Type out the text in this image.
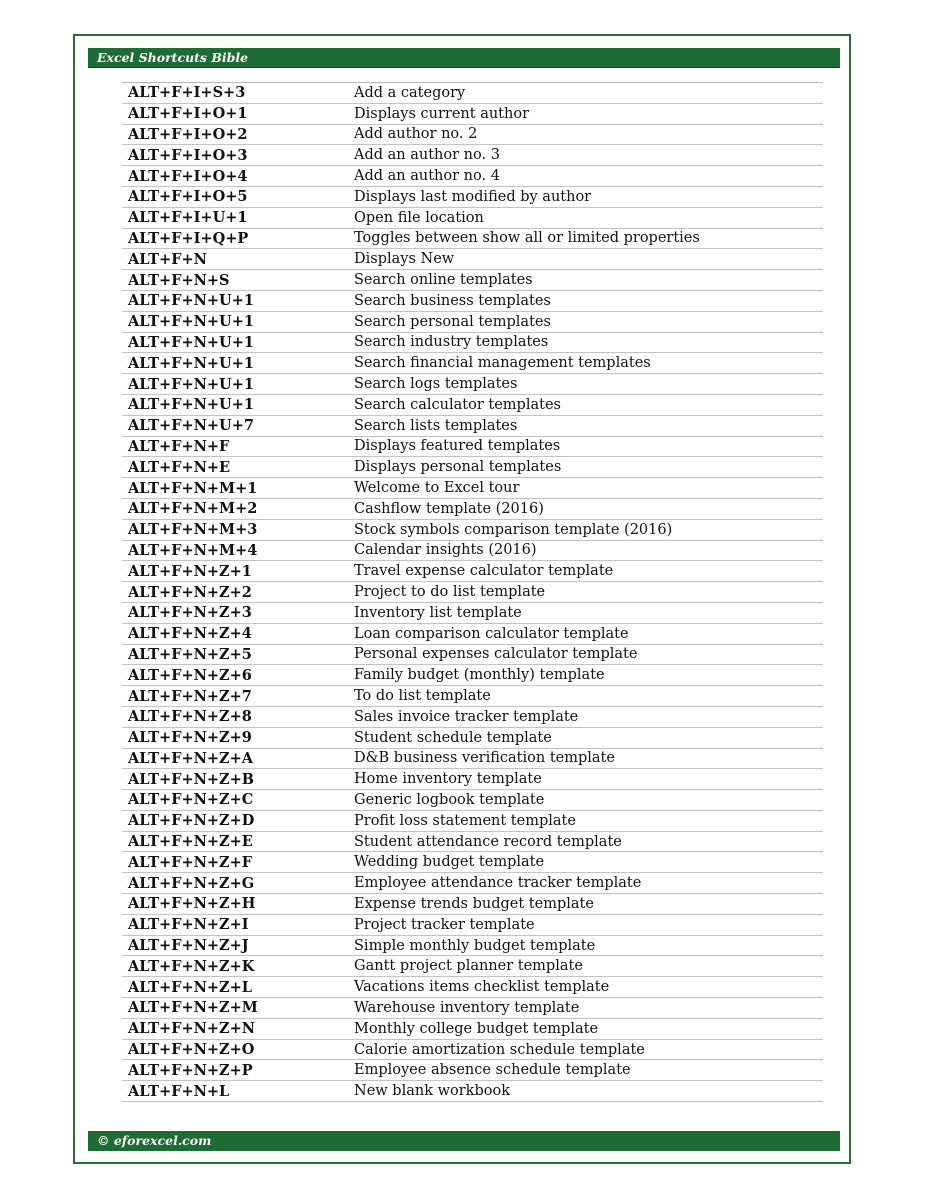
Excel Shortcuts Bible
ALT+F+I+S+3	Add a category
ALT+F+I+O+1	Displays current author
ALT+F+I+O+2	Add author no. 2
ALT+F+I+O+3	Add an author no. 3
ALT+F+I+O+4	Add an author no. 4
ALT+F+I+O+5	Displays last modified by author
ALT+F+I+U+1	Open file location
ALT+F+I+Q+P	Toggles between show all or limited properties
ALT+F+N	Displays New
ALT+F+N+S	Search online templates
ALT+F+N+U+1	Search business templates
ALT+F+N+U+1	Search personal templates
ALT+F+N+U+1	Search industry templates
ALT+F+N+U+1	Search financial management templates
ALT+F+N+U+1	Search logs templates
ALT+F+N+U+1	Search calculator templates
ALT+F+N+U+7	Search lists templates
ALT+F+N+F	Displays featured templates
ALT+F+N+E	Displays personal templates
ALT+F+N+M+1	Welcome to Excel tour
ALT+F+N+M+2	Cashflow template (2016)
ALT+F+N+M+3	Stock symbols comparison template (2016)
ALT+F+N+M+4	Calendar insights (2016)
ALT+F+N+Z+1	Travel expense calculator template
ALT+F+N+Z+2	Project to do list template
ALT+F+N+Z+3	Inventory list template
ALT+F+N+Z+4	Loan comparison calculator template
ALT+F+N+Z+5	Personal expenses calculator template
ALT+F+N+Z+6	Family budget (monthly) template
ALT+F+N+Z+7	To do list template
ALT+F+N+Z+8	Sales invoice tracker template
ALT+F+N+Z+9	Student schedule template
ALT+F+N+Z+A	D&B business verification template
ALT+F+N+Z+B	Home inventory template
ALT+F+N+Z+C	Generic logbook template
ALT+F+N+Z+D	Profit loss statement template
ALT+F+N+Z+E	Student attendance record template
ALT+F+N+Z+F	Wedding budget template
ALT+F+N+Z+G	Employee attendance tracker template
ALT+F+N+Z+H	Expense trends budget template
ALT+F+N+Z+I	Project tracker template
ALT+F+N+Z+J	Simple monthly budget template
ALT+F+N+Z+K	Gantt project planner template
ALT+F+N+Z+L	Vacations items checklist template
ALT+F+N+Z+M	Warehouse inventory template
ALT+F+N+Z+N	Monthly college budget template
ALT+F+N+Z+O	Calorie amortization schedule template
ALT+F+N+Z+P	Employee absence schedule template
ALT+F+N+L	New blank workbook
© eforexcel.com
